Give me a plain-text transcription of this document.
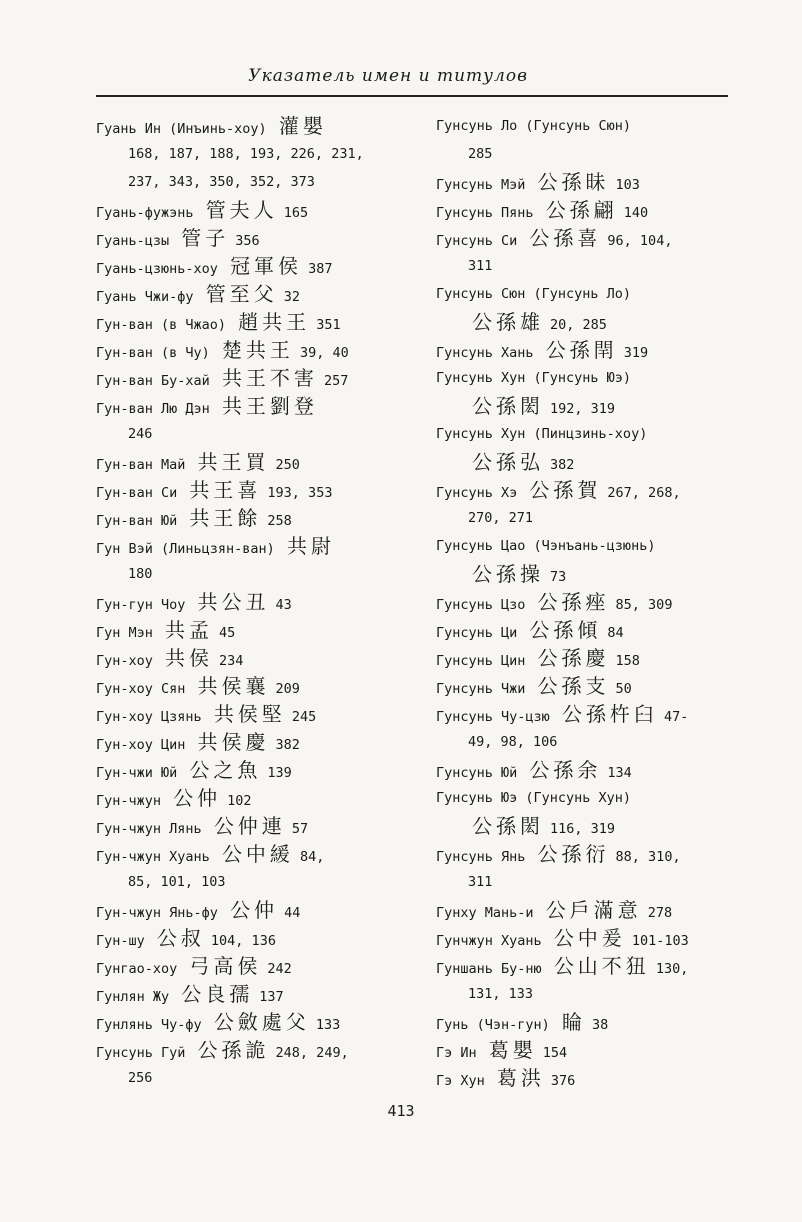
Указатель имен и титулов
Гуань Ин (Инъинь-хоу) 灌嬰
168, 187, 188, 193, 226, 231,
237, 343, 350, 352, 373
Гуань-фужэнь 管夫人 165
Гуань-цзы 管子 356
Гуань-цзюнь-хоу 冠軍侯 387
Гуань Чжи-фу 管至父 32
Гун-ван (в Чжао) 趙共王 351
Гун-ван (в Чу) 楚共王 39, 40
Гун-ван Бу-хай 共王不害 257
Гун-ван Лю Дэн 共王劉登
246
Гун-ван Май 共王買 250
Гун-ван Си 共王喜 193, 353
Гун-ван Юй 共王餘 258
Гун Вэй (Линьцзян-ван) 共尉
180
Гун-гун Чоу 共公丑 43
Гун Мэн 共孟 45
Гун-хоу 共侯 234
Гун-хоу Сян 共侯襄 209
Гун-хоу Цзянь 共侯堅 245
Гун-хоу Цин 共侯慶 382
Гун-чжи Юй 公之魚 139
Гун-чжун 公仲 102
Гун-чжун Лянь 公仲連 57
Гун-чжун Хуань 公中緩 84,
85, 101, 103
Гун-чжун Янь-фу 公仲 44
Гун-шу 公叔 104, 136
Гунгао-хоу 弓高侯 242
Гунлян Жу 公良孺 137
Гунлянь Чу-фу 公斂處父 133
Гунсунь Гуй 公孫詭 248, 249,
256
Гунсунь Ло (Гунсунь Сюн)
285
Гунсунь Мэй 公孫昧 103
Гунсунь Пянь 公孫翩 140
Гунсунь Си 公孫喜 96, 104,
311
Гунсунь Сюн (Гунсунь Ло)
公孫雄 20, 285
Гунсунь Хань 公孫閈 319
Гунсунь Хун (Гунсунь Юэ)
公孫閎 192, 319
Гунсунь Хун (Пинцзинь-хоу)
公孫弘 382
Гунсунь Хэ 公孫賀 267, 268,
270, 271
Гунсунь Цао (Чэнъань-цзюнь)
公孫操 73
Гунсунь Цзо 公孫痤 85, 309
Гунсунь Ци 公孫傾 84
Гунсунь Цин 公孫慶 158
Гунсунь Чжи 公孫支 50
Гунсунь Чу-цзю 公孫杵臼 47-
49, 98, 106
Гунсунь Юй 公孫余 134
Гунсунь Юэ (Гунсунь Хун)
公孫閎 116, 319
Гунсунь Янь 公孫衍 88, 310,
311
Гунху Мань-и 公戶滿意 278
Гунчжун Хуань 公中爰 101-103
Гуншань Бу-ню 公山不狃 130,
131, 133
Гунь (Чэн-гун) 睔 38
Гэ Ин 葛嬰 154
Гэ Хун 葛洪 376
413
